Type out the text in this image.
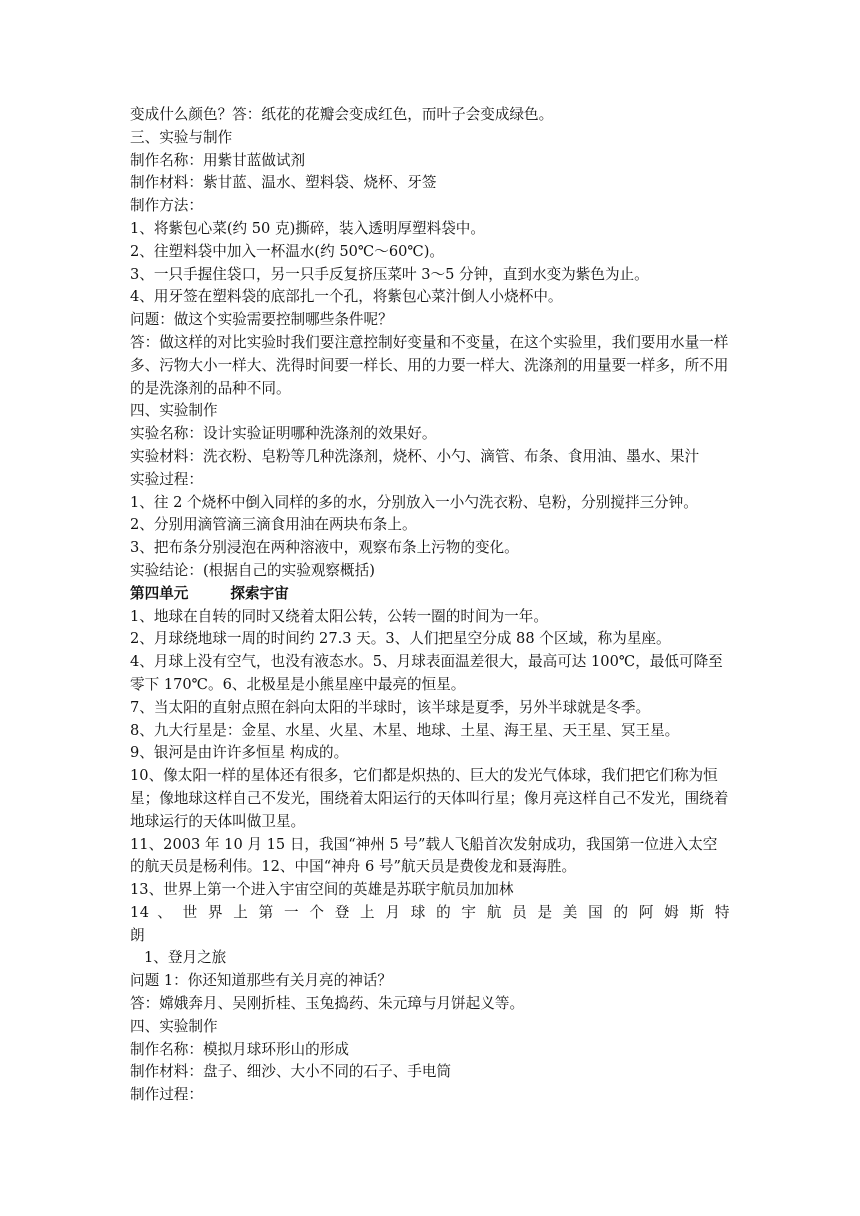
变成什么颜色？答：纸花的花瓣会变成红色，而叶子会变成绿色。

三、实验与制作

制作名称：用紫甘蓝做试剂

制作材料：紫甘蓝、温水、塑料袋、烧杯、牙签

制作方法：

1、将紫包心菜(约 50 克)撕碎，装入透明厚塑料袋中。

2、往塑料袋中加入一杯温水(约 50℃～60℃)。

3、一只手握住袋口，另一只手反复挤压菜叶 3～5 分钟，直到水变为紫色为止。

4、用牙签在塑料袋的底部扎一个孔，将紫包心菜汁倒人小烧杯中。

问题：做这个实验需要控制哪些条件呢？

答：做这样的对比实验时我们要注意控制好变量和不变量，在这个实验里，我们要用水量一样多、污物大小一样大、洗得时间要一样长、用的力要一样大、洗涤剂的用量要一样多，所不用的是洗涤剂的品种不同。

四、实验制作

实验名称：设计实验证明哪种洗涤剂的效果好。

实验材料：洗衣粉、皂粉等几种洗涤剂，烧杯、小勺、滴管、布条、食用油、墨水、果汁

实验过程：

1、往 2 个烧杯中倒入同样的多的水，分别放入一小勺洗衣粉、皂粉，分别搅拌三分钟。

2、分别用滴管滴三滴食用油在两块布条上。

3、把布条分别浸泡在两种溶液中，观察布条上污物的变化。

实验结论：(根据自己的实验观察概括)

第四单元	探索宇宙

1、地球在自转的同时又绕着太阳公转，公转一圈的时间为一年。

2、月球绕地球一周的时间约 27.3 天。3、人们把星空分成 88 个区域，称为星座。

4、月球上没有空气，也没有液态水。5、月球表面温差很大，最高可达 100℃，最低可降至零下 170℃。6、北极星是小熊星座中最亮的恒星。

7、当太阳的直射点照在斜向太阳的半球时，该半球是夏季，另外半球就是冬季。

8、九大行星是：金星、水星、火星、木星、地球、土星、海王星、天王星、冥王星。

9、银河是由许许多恒星 构成的。

10、像太阳一样的星体还有很多，它们都是炽热的、巨大的发光气体球，我们把它们称为恒星；像地球这样自己不发光，围绕着太阳运行的天体叫行星；像月亮这样自己不发光，围绕着地球运行的天体叫做卫星。

11、2003 年 10 月 15 日，我国“神州 5 号”载人飞船首次发射成功，我国第一位进入太空的航天员是杨利伟。12、中国“神舟 6 号”航天员是费俊龙和聂海胜。

13、世界上第一个进入宇宙空间的英雄是苏联宇航员加加林

14 、 世 界 上 第 一 个 登 上 月 球 的 宇 航 员 是 美 国 的 阿 姆 斯 特

朗

1、登月之旅

问题 1：你还知道那些有关月亮的神话？

答：嫦娥奔月、吴刚折桂、玉兔捣药、朱元璋与月饼起义等。

四、实验制作

制作名称：模拟月球环形山的形成

制作材料：盘子、细沙、大小不同的石子、手电筒

制作过程：
